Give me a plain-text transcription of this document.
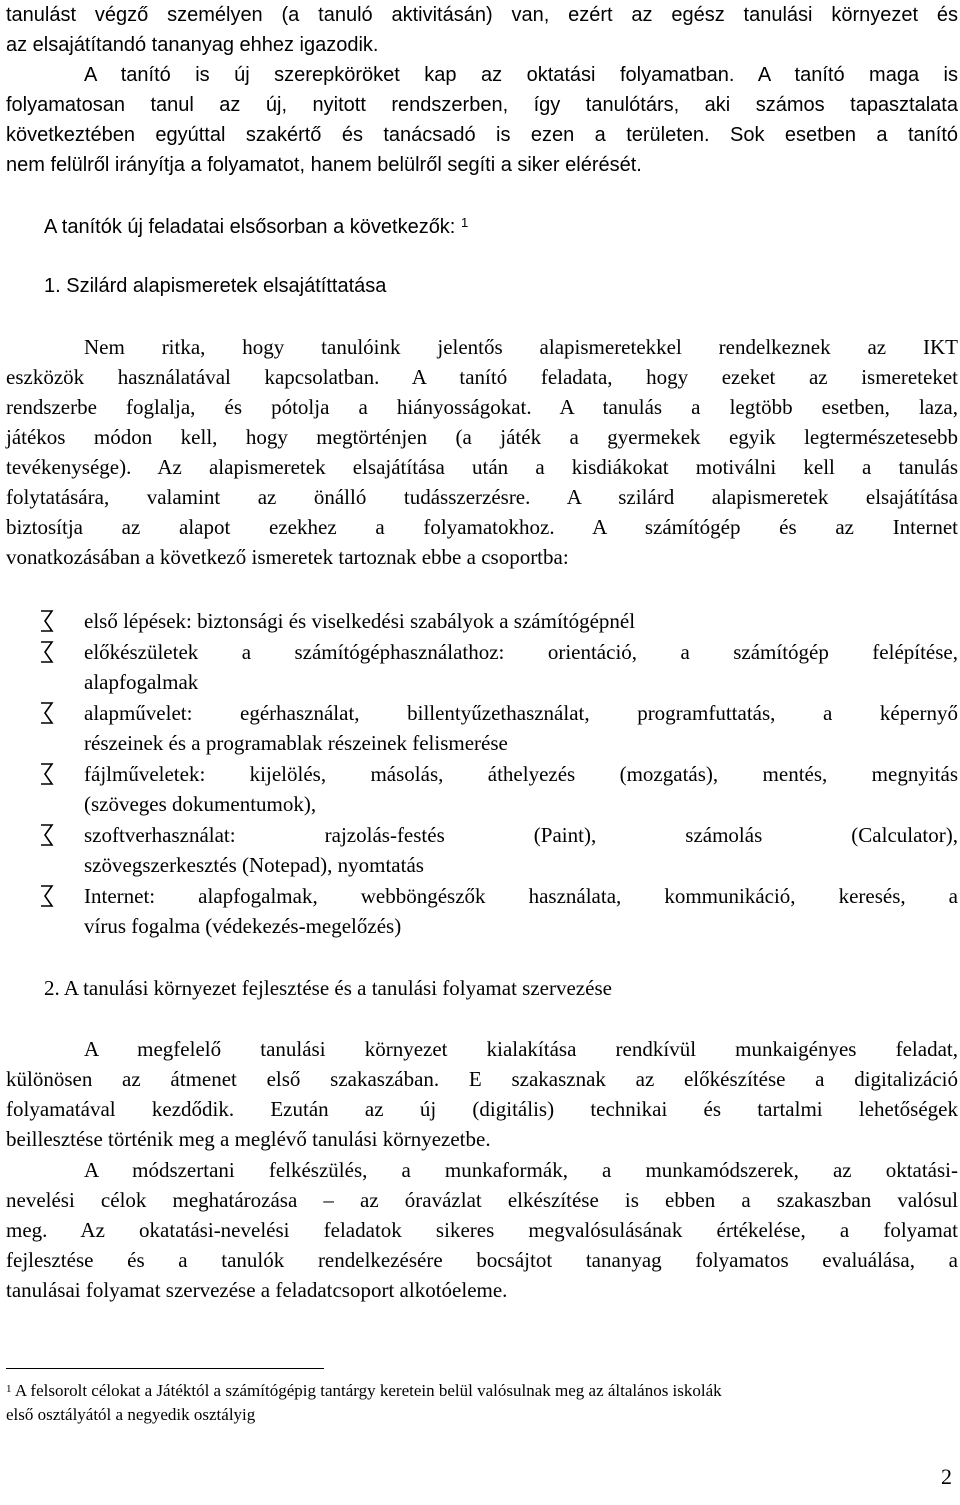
tanulást végző személyen (a tanuló aktivitásán) van, ezért az egész tanulási környezet és
az elsajátítandó tananyag ehhez igazodik.
A tanító is új szerepköröket kap az oktatási folyamatban. A tanító maga is
folyamatosan tanul az új, nyitott rendszerben, így tanulótárs, aki számos tapasztalata
következtében egyúttal szakértő és tanácsadó is ezen a területen. Sok esetben a tanító
nem felülről irányítja a folyamatot, hanem belülről segíti a siker elérését.
A tanítók új feladatai elsősorban a következők: $^1$
1. Szilárd alapismeretek elsajátíttatása
Nem ritka, hogy tanulóink jelentős alapismeretekkel rendelkeznek az IKT
eszközök használatával kapcsolatban. A tanító feladata, hogy ezeket az ismereteket
rendszerbe foglalja, és pótolja a hiányosságokat. A tanulás a legtöbb esetben, laza,
játékos módon kell, hogy megtörténjen (a játék a gyermekek egyik legtermészetesebb
tevékenysége). Az alapismeretek elsajátítása után a kisdiákokat motiválni kell a tanulás
folytatására, valamint az önálló tudásszerzésre. A szilárd alapismeretek elsajátítása
biztosítja az alapot ezekhez a folyamatokhoz. A számítógép és az Internet
vonatkozásában a következő ismeretek tartoznak ebbe a csoportba:
első lépések: biztonsági és viselkedési szabályok a számítógépnél
előkészületek a számítógéphasználathoz: orientáció, a számítógép felépítése,
alapfogalmak
alapművelet: egérhasználat, billentyűzethasználat, programfuttatás, a képernyő
részeinek és a programablak részeinek felismerése
fájlműveletek: kijelölés, másolás, áthelyezés (mozgatás), mentés, megnyitás
(szöveges dokumentumok),
szoftverhasználat: rajzolás-festés (Paint), számolás (Calculator),
szövegszerkesztés (Notepad), nyomtatás
Internet: alapfogalmak, webböngészők használata, kommunikáció, keresés, a
vírus fogalma (védekezés-megelőzés)
2. A tanulási környezet fejlesztése és a tanulási folyamat szervezése
A megfelelő tanulási környezet kialakítása rendkívül munkaigényes feladat,
különösen az átmenet első szakaszában. E szakasznak az előkészítése a digitalizáció
folyamatával kezdődik. Ezután az új (digitális) technikai és tartalmi lehetőségek
beillesztése történik meg a meglévő tanulási környezetbe.
A módszertani felkészülés, a munkaformák, a munkamódszerek, az oktatási-
nevelési célok meghatározása – az óravázlat elkészítése is ebben a szakaszban valósul
meg. Az okatatási-nevelési feladatok sikeres megvalósulásának értékelése, a folyamat
fejlesztése és a tanulók rendelkezésére bocsájtot tananyag folyamatos evaluálása, a
tanulásai folyamat szervezése a feladatcsoport alkotóeleme.
$^1$ A felsorolt célokat a Játéktól a számítógépig tantárgy keretein belül valósulnak meg az általános iskolák
első osztályától a negyedik osztályig
2
